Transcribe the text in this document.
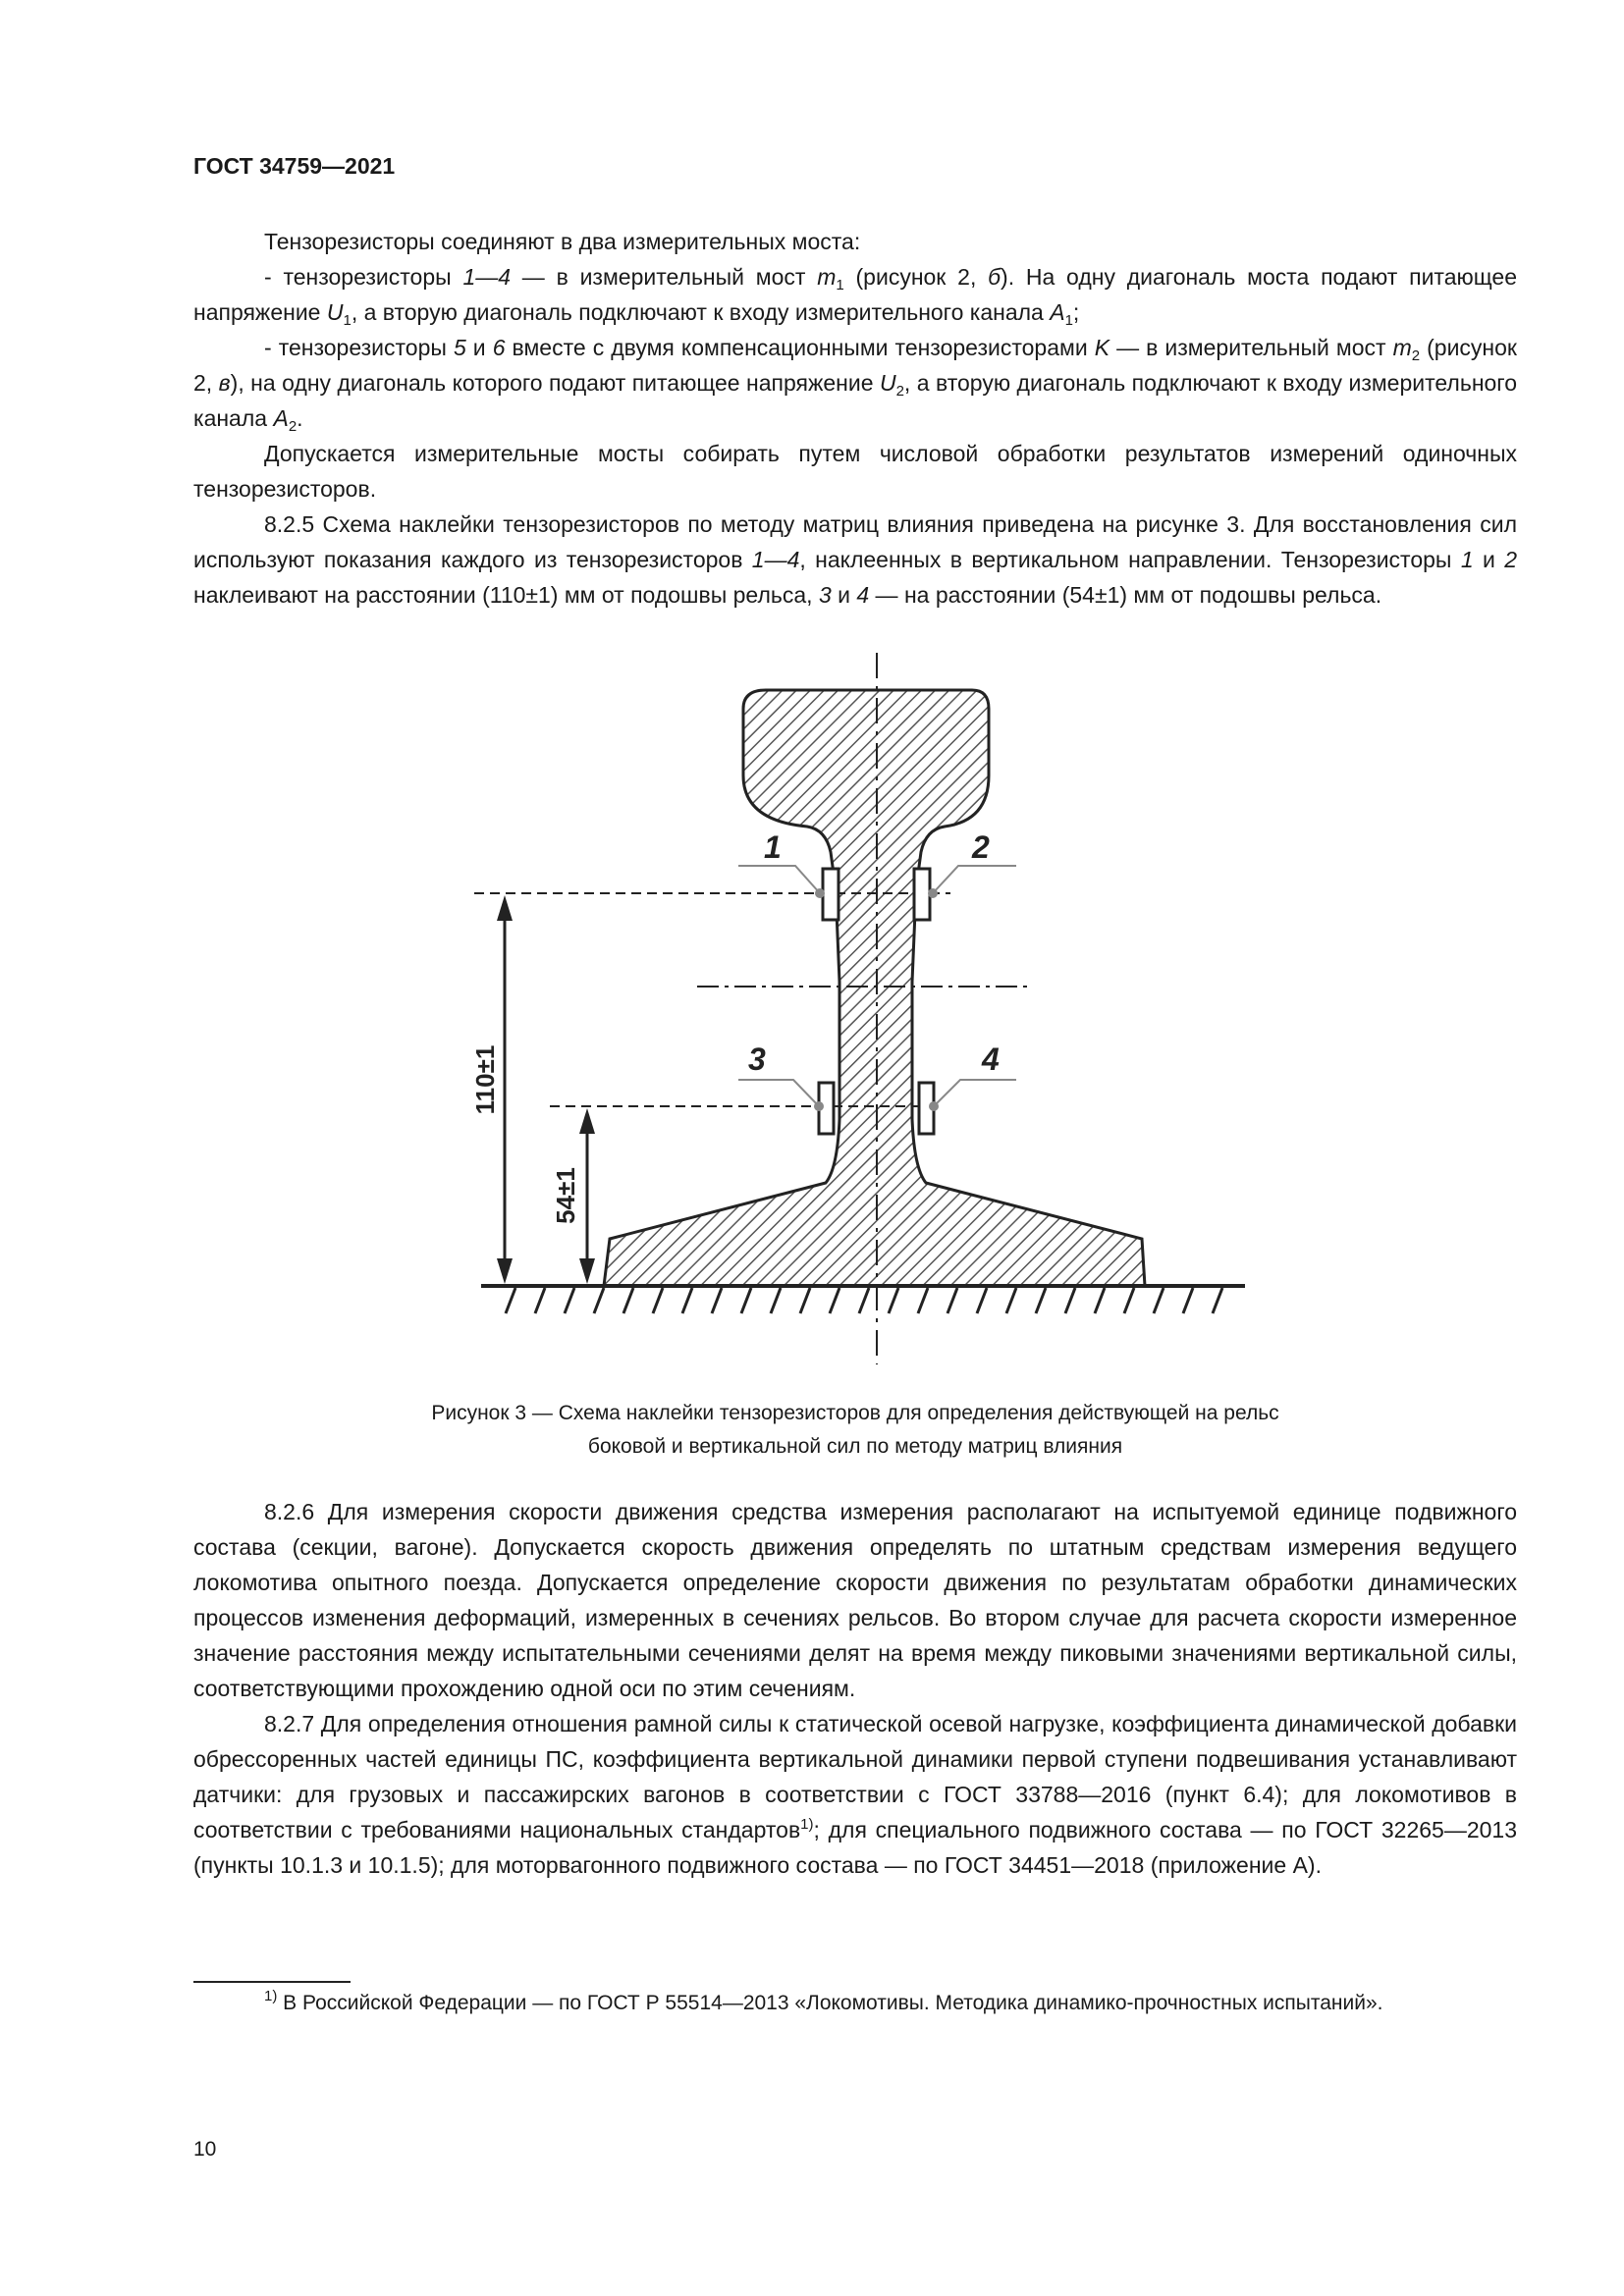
ГОСТ 34759—2021

Тензорезисторы соединяют в два измерительных моста:

- тензорезисторы 1—4 — в измерительный мост $m_1$ (рисунок 2, б). На одну диагональ моста подают питающее напряжение $U_1$, а вторую диагональ подключают к входу измерительного канала $A_1$;

- тензорезисторы 5 и 6 вместе с двумя компенсационными тензорезисторами K — в измерительный мост $m_2$ (рисунок 2, в), на одну диагональ которого подают питающее напряжение $U_2$, а вторую диагональ подключают к входу измерительного канала $A_2$.

Допускается измерительные мосты собирать путем числовой обработки результатов измерений одиночных тензорезисторов.

8.2.5 Схема наклейки тензорезисторов по методу матриц влияния приведена на рисунке 3. Для восстановления сил используют показания каждого из тензорезисторов 1—4, наклеенных в вертикальном направлении. Тензорезисторы 1 и 2 наклеивают на расстоянии (110±1) мм от подошвы рельса, 3 и 4 — на расстоянии (54±1) мм от подошвы рельса.

110±1
54±1
1	2
3	4
Рисунок 3 — Схема наклейки тензорезисторов для определения действующей на рельс
боковой и вертикальной сил по методу матриц влияния

8.2.6 Для измерения скорости движения средства измерения располагают на испытуемой единице подвижного состава (секции, вагоне). Допускается скорость движения определять по штатным средствам измерения ведущего локомотива опытного поезда. Допускается определение скорости движения по результатам обработки динамических процессов изменения деформаций, измеренных в сечениях рельсов. Во втором случае для расчета скорости измеренное значение расстояния между испытательными сечениями делят на время между пиковыми значениями вертикальной силы, соответствующими прохождению одной оси по этим сечениям.

8.2.7 Для определения отношения рамной силы к статической осевой нагрузке, коэффициента динамической добавки обрессоренных частей единицы ПС, коэффициента вертикальной динамики первой ступени подвешивания устанавливают датчики: для грузовых и пассажирских вагонов в соответствии с ГОСТ 33788—2016 (пункт 6.4); для локомотивов в соответствии с требованиями национальных стандартов$^{1)}$; для специального подвижного состава — по ГОСТ 32265—2013 (пункты 10.1.3 и 10.1.5); для моторвагонного подвижного состава — по ГОСТ 34451—2018 (приложение А).

$^{1)}$ В Российской Федерации — по ГОСТ Р 55514—2013 «Локомотивы. Методика динамико-прочностных испытаний».
10
